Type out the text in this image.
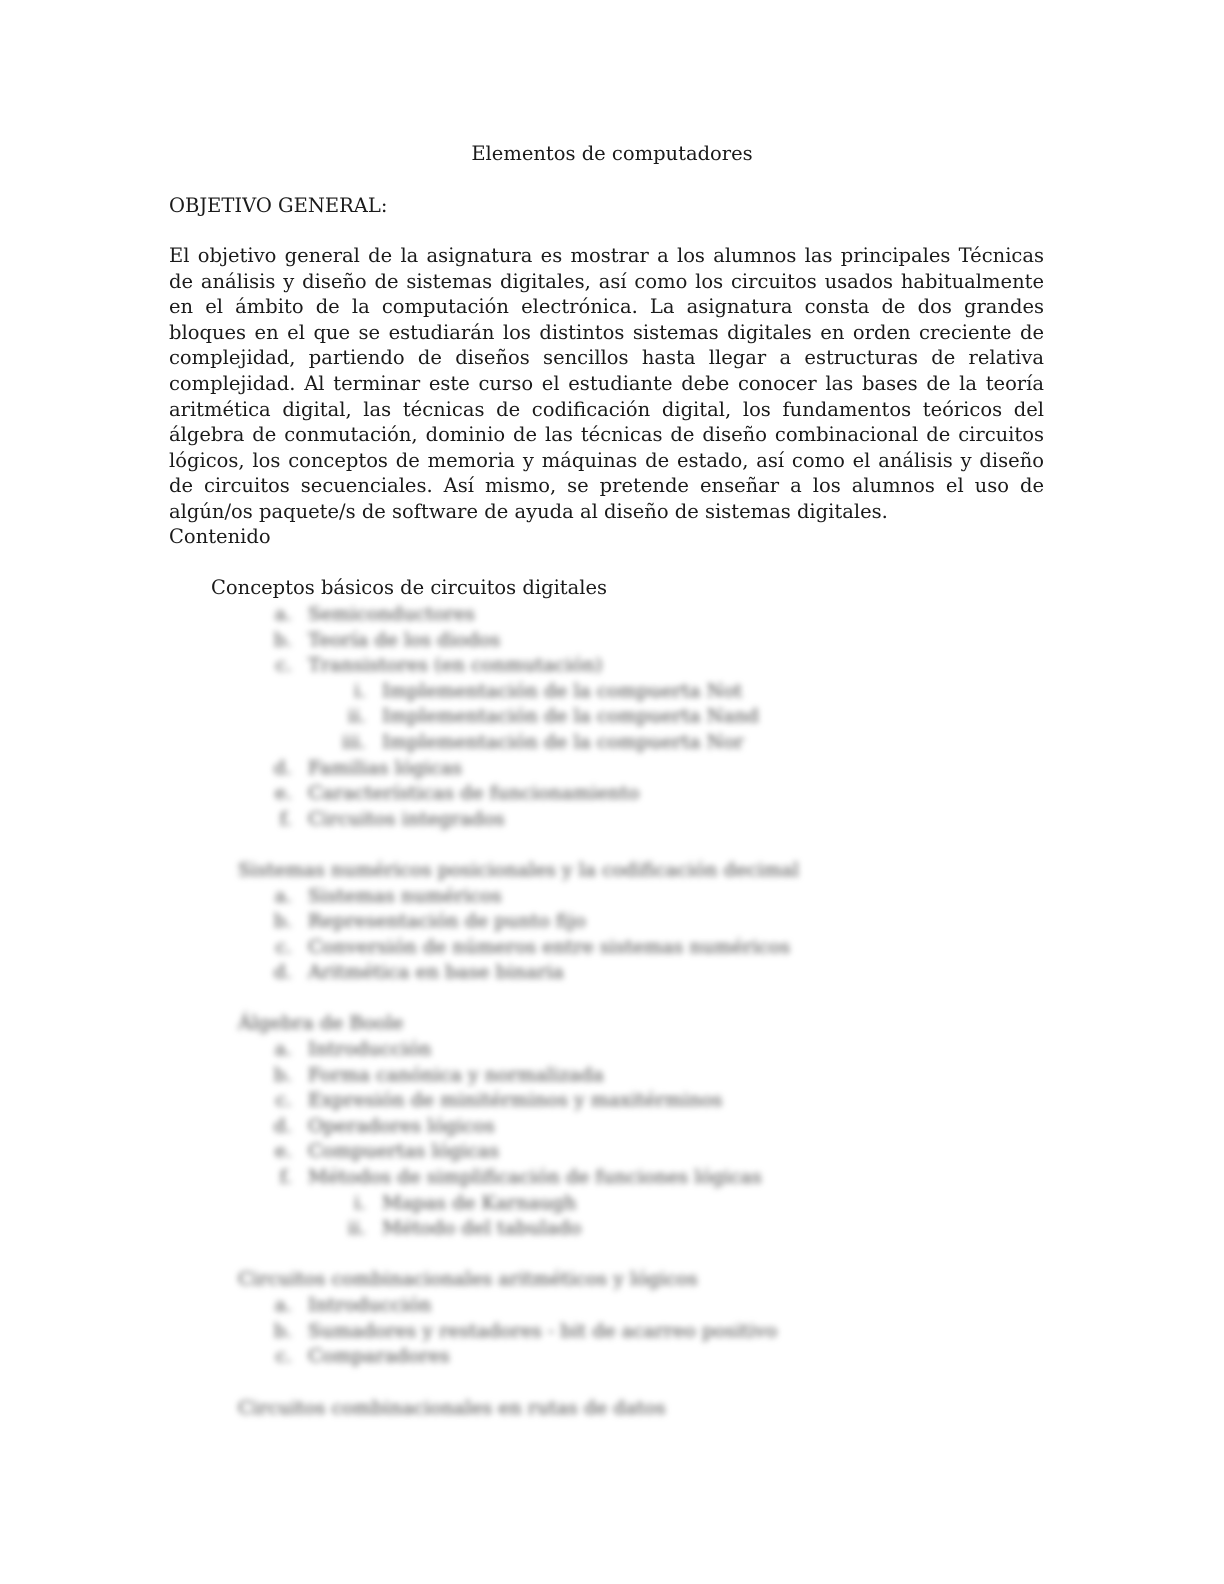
Elementos de computadores
OBJETIVO GENERAL:

El objetivo general de la asignatura es mostrar a los alumnos las principales Técnicas de análisis y diseño de sistemas digitales, así como los circuitos usados habitualmente en el ámbito de la computación electrónica. La asignatura consta de dos grandes bloques en el que se estudiarán los distintos sistemas digitales en orden creciente de complejidad, partiendo de diseños sencillos hasta llegar a estructuras de relativa complejidad. Al terminar este curso el estudiante debe conocer las bases de la teoría aritmética digital, las técnicas de codificación digital, los fundamentos teóricos del álgebra de conmutación, dominio de las técnicas de diseño combinacional de circuitos lógicos, los conceptos de memoria y máquinas de estado, así como el análisis y diseño de circuitos secuenciales. Así mismo, se pretende enseñar a los alumnos el uso de algún/os paquete/s de software de ayuda al diseño de sistemas digitales.

Contenido
Conceptos básicos de circuitos digitales
a. Semiconductores
b. Teoría de los diodos
c. Transistores (en conmutación)
i. Implementación de la compuerta Not
ii. Implementación de la compuerta Nand
iii. Implementación de la compuerta Nor
d. Familias lógicas
e. Características de funcionamiento
f. Circuitos integrados
Sistemas numéricos posicionales y la codificación decimal
a. Sistemas numéricos
b. Representación de punto fijo
c. Conversión de números entre sistemas numéricos
d. Aritmética en base binaria
Álgebra de Boole
a. Introducción
b. Forma canónica y normalizada
c. Expresión de minitérminos y maxitérminos
d. Operadores lógicos
e. Compuertas lógicas
f. Métodos de simplificación de funciones lógicas
i. Mapas de Karnaugh
ii. Método del tabulado
Circuitos combinacionales aritméticos y lógicos
a. Introducción
b. Sumadores y restadores - bit de acarreo positivo
c. Comparadores
Circuitos combinacionales en rutas de datos
